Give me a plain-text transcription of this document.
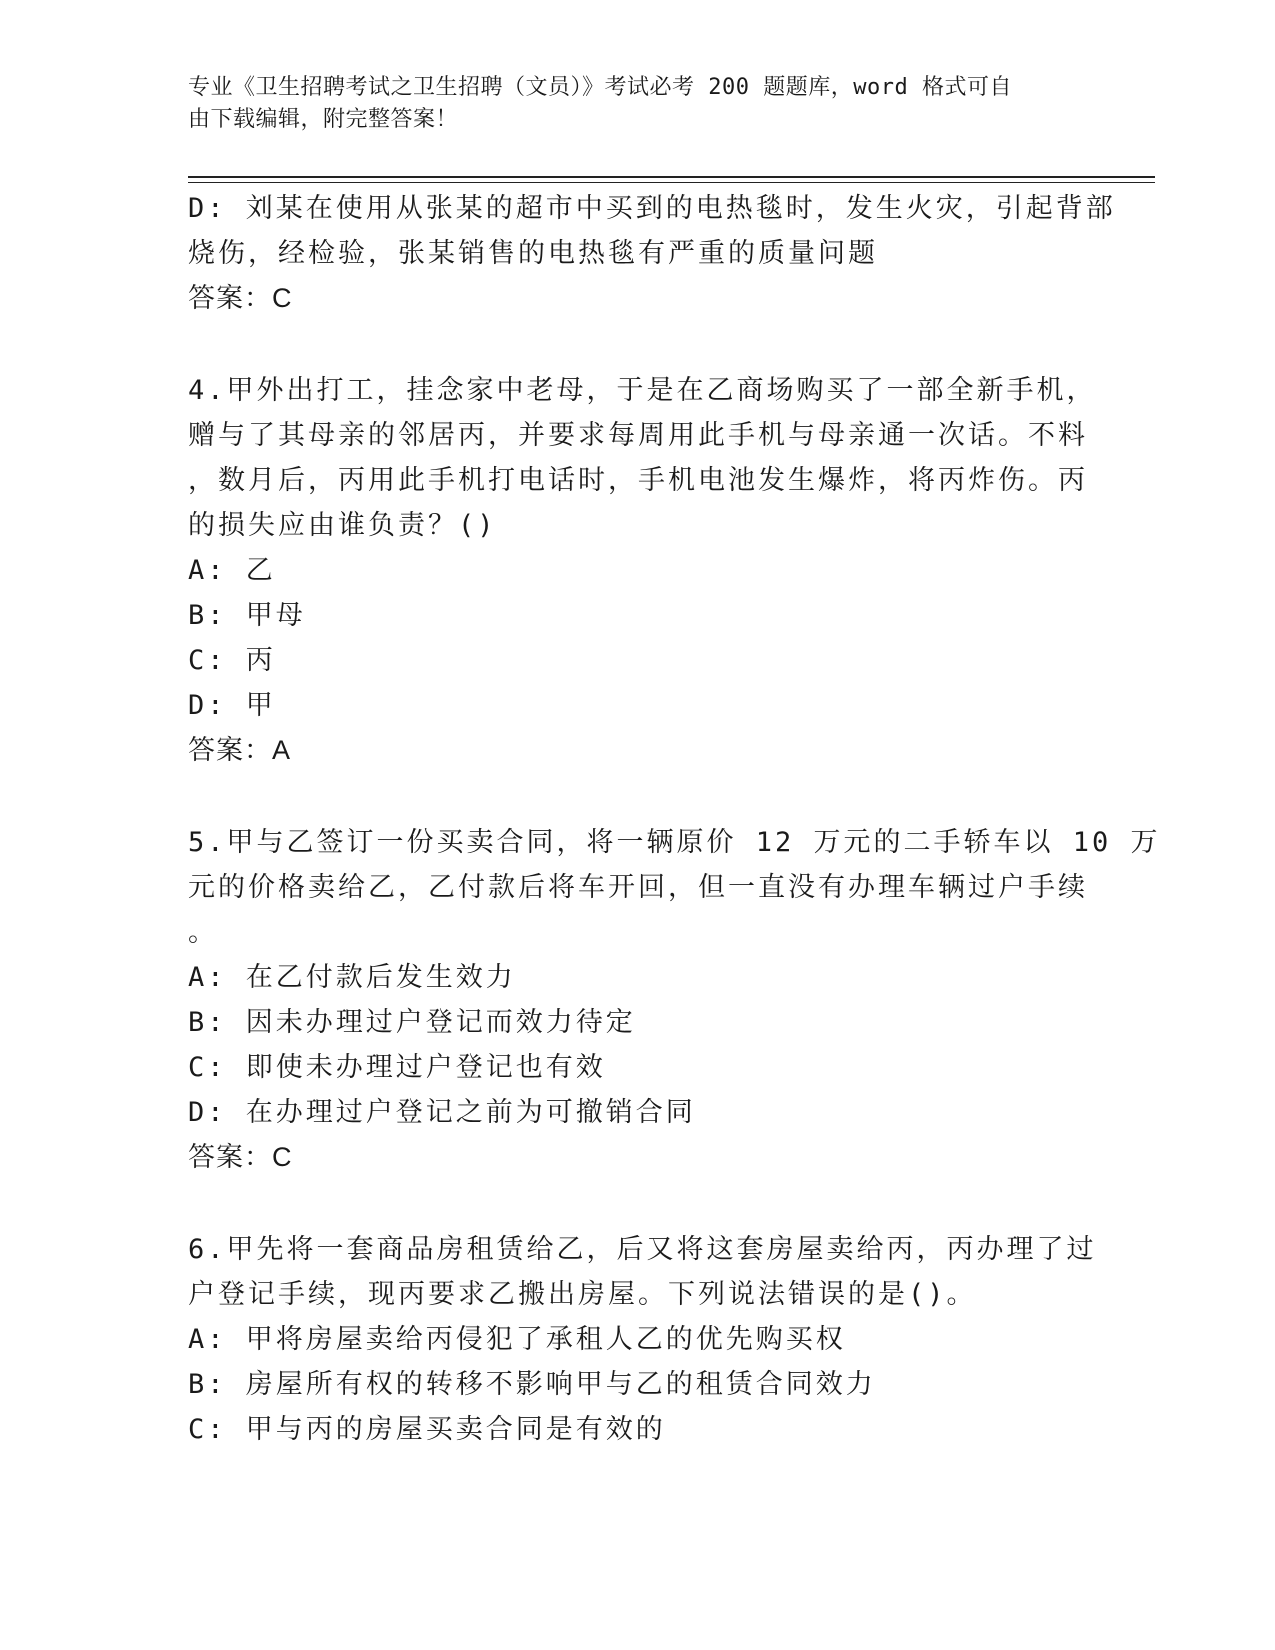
专业《卫生招聘考试之卫生招聘（文员）》考试必考 200 题题库，word 格式可自
由下载编辑，附完整答案！
D: 刘某在使用从张某的超市中买到的电热毯时，发生火灾，引起背部
烧伤，经检验，张某销售的电热毯有严重的质量问题
答案：C
4.甲外出打工，挂念家中老母，于是在乙商场购买了一部全新手机，
赠与了其母亲的邻居丙，并要求每周用此手机与母亲通一次话。不料
，数月后，丙用此手机打电话时，手机电池发生爆炸，将丙炸伤。丙
的损失应由谁负责？()
A: 乙
B: 甲母
C: 丙
D: 甲
答案：A
5.甲与乙签订一份买卖合同，将一辆原价 12 万元的二手轿车以 10 万
元的价格卖给乙，乙付款后将车开回，但一直没有办理车辆过户手续
。
A: 在乙付款后发生效力
B: 因未办理过户登记而效力待定
C: 即使未办理过户登记也有效
D: 在办理过户登记之前为可撤销合同
答案：C
6.甲先将一套商品房租赁给乙，后又将这套房屋卖给丙，丙办理了过
户登记手续，现丙要求乙搬出房屋。下列说法错误的是()。
A: 甲将房屋卖给丙侵犯了承租人乙的优先购买权
B: 房屋所有权的转移不影响甲与乙的租赁合同效力
C: 甲与丙的房屋买卖合同是有效的
